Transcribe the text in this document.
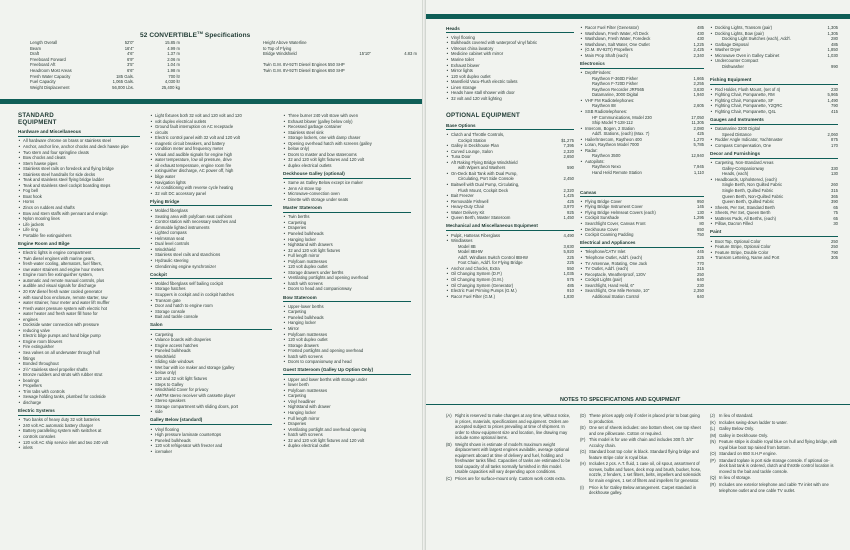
52 CONVERTIBLE™ Specifications
Length Overall	52'0"	15.85 m
Beam	16'4"	4.99 m
Draft	4'6"	1.37 m
Freeboard Forward	6'9"	2.06 m
Freeboard Aft	3'5"	1.04 m
Headroom Most Areas	6'6"	1.98 m
Fresh Water Capacity	185 Gals.	700 ltr
Fuel Capacity	1,065 Gals.	4,030 ltr
Weight Displacement	56,000 Lbs.	25,400 kg
Height Above Waterline
to Top of Flying
Bridge Windshield	15'10"	4.83 m
Twin G.M. 8V-92TI Diesel Engines 550 SHP
Twin G.M. 8V-92TI Diesel Engines 650 SHP
STANDARD
EQUIPMENT
Hardware and Miscellaneous
• All hardware chrome on brass or stainless steel
• Anchor, anchor line, anchor chocks and deck hawse pipe
• Two stern and four springline cleats
• Bow chocks and cleats
• Stern hawse pipes
• Stainless steel rails on foredeck and flying bridge
• Stainless steel handrails for side decks
• Teak and stainless steel flying bridge ladder
• Teak and stainless steel cockpit boarding steps
• Fog bell
• Boat hook
• Horns
• Zincs on rudders and shafts
• Bow and stern staffs with pennant and ensign
• Nylon mooring lines
• Life jackets
• Life ring
• Portable fire extinguishers
Engine Room and Bilge
• Electric lights in engine compartment
• Twin diesel engines with marine gears,
• fresh-water cooling, alternators, fuel filters,
• raw water strainers and engine hour meters
• Engine room fire extinguisher system,
• automatic and remote manual controls, plus
• audible and visual signals for discharge
• 20 KW diesel fresh water cooled generator
• with sound box enclosure, remote starter, raw
• water strainer, hour meter and water lift muffler
• Fresh water pressure system with electric hot
• water heater and fresh water fill hose for
• engines
• Dockside water connection with pressure
• reducing valve
• Electric bilge pumps and hand bilge pump
• Engine room blowers
• Fire extinguisher
• Sea valves on all underwater through hull
• fittings
• Bonded throughout
• 2½" stainless steel propeller shafts
• Bronze rudders and struts with rubber strut
• bearings
• Propellers
• Trim tabs with controls
• Sewage holding tanks, plumbed for cockside
• discharge
Electric Systems
• Two banks of heavy duty 32 volt batteries
• 240 volt AC automatic battery charger
• Battery paralleling system with switches at
• controls consoles
• 120 volt AC ship service inlet and two 240 volt
• inlets
• Light fixtures both 32 volt and 120 volt and 120
• volt duplex electrical outlets
• Ground fault interruption on AC receptacle
• circuits
• Electric control panel with 32 volt and 120 volt
• magnetic circuit breakers, and battery
• condition meter and frequency meter
• Visual and audible signals for engine high
• water temperature, low oil pressure, drive
• oil exhaust temperature, engine room fire
• extinguisher discharge, AC power off, high
• bilge water
• Navigation lights
• Air conditioning with reverse cycle heating
• 32 volt DC accessory panel
Flying Bridge
• Molded fiberglass
• Seating area with polyfoam seat cushions
• Control station with necessary switches and
• dimmable lighted instruments
• Lighted compass
• Helmsman seat
• Dual level controls
• Windshield
• Stainless steel rails and stanchions
• Hydraulic steering
• Glendinning engine synchronizer
Cockpit
• Molded fiberglass self bailing cockpit
• Storage hatches
• Scuppers in cockpit and in cockpit hatches
• Transom gate
• Door and hatch to engine room
• Storage console
• Bait and tackle console
Salon
• Carpeting
• Valance boards with draperies
• Engine access hatches
• Paneled bulkheads
• Windshield
• Sliding side windows
• Wet bar with ice maker and storage (galley
• below only)
• 120 and 32 volt light fixtures
• Steps to Galley
• Windshield Cover for privacy
• AM/FM stereo receiver with cassette player
• Stereo speakers
• Storage compartment with sliding doors, port
• side
Galley Below (standard)
• Vinyl flooring
• High pressure laminate countertops
• Paneled bulkheads
• 120 volt refrigerator with freezer and
• icemaker
• Three burner 240 volt stove with oven
• Exhaust blower (galley below only)
• Recessed garbage container
• Stainless steel sink
• Storage lockers, one with damp chaser
• Opening overhead hatch with screens (galley
• below only)
• Doors to master and bow staterooms
• 32 and 120 volt light fixtures and 120 volt
• duplex electrical outlets
Deckhouse Galley (optional)
• Same as Galley Below except ice maker
• Jenn Air stove top
• Microwave-convection oven
• Dinette with storage under seats
Master Stateroom
• Twin berths
• Carpeting
• Draperies
• Paneled bulkheads
• Hanging locker
• Nightstand with drawers
• 32 and 120 volt light fixtures
• Full length mirror
• Polyfoam mattresses
• 120 volt duplex outlet
• Storage drawers under berths
• Ventilating portlights and opening overhead
• hatch with screens
• Doors to head and companionway
Bow Stateroom
• Upper-lower berths
• Carpeting
• Paneled bulkheads
• Hanging locker
• Mirror
• Polyfoam mattresses
• 120 volt duplex outlet
• Storage drawers
• Frosted portlights and opening overhead
• hatch with screens
• Doors to companionway and head
Guest Stateroom (Galley Up Option Only)
• Upper and lower berths with storage under
• lower berth
• Polyfoam mattresses
• Carpeting
• Vinyl headliner
• Nightstand with drawer
• Hanging locker
• Full length mirror
• Draperies
• Ventilating portlight and overhead opening
• hatch with screens
• 32 and 120 volt light fixtures and 120 volt
• duplex electrical outlet
Heads
• Vinyl flooring
• Bulkheads covered with waterproof vinyl fabric
• Vitreous china lavatory
• Medicine cabinet with mirror
• Marine toilet
• Exhaust blower
• Mirror lights
• 120 volt duplex outlet
• Mansfield Vacu-Flush electric toilets
• Linen storage
• Heads have stall shower with door
• 32 volt and 120 volt lighting
OPTIONAL EQUIPMENT
Base Options
• Clutch and Throttle Controls,
Cockpit Station	$1,275
• Galley in Deckhouse Plan	7,395
• Curved Lounge, Salon	2,320
• Tuna Door	2,650
• Aft Raking Flying Bridge Windshield
with Wipers and Washers	590
• On-Deck Bait Tank with Dual Pump,
Circulating, Port Side Console	2,450
• Baitwell with Dual Pump, Circulating,
Flush Mount, Cockpit Deck	2,320
• Bait Freezer	1,425
• Removable Fishwell	425
• Heavy-Duty Chair	3,970
• Water Delivery Kit	925
• Queen Berth, Master Stateroom	1,450
Mechanical and Miscellaneous Equipment
• Pulpit, Hatteras Fiberglass	4,490
• Windlasses
Model 8B	3,630
Model 8BHW	5,920
Add'l. Windlass Switch Control 8BHW	225
Foot Chain, Add'l. for Flying Bridge	225
• Anchor and Chocks, Extra	550
• Oil Changing System (D.P.)	1,035
• Oil Changing System (G.M.)	575
• Oil Changing System (Generator)	485
• Electric Fuel Priming Pumps (G.M.)	910
• Racor Fuel Filter (G.M.)	1,830
• Racor Fuel Filter (Generator)	485
• Washdown, Fresh Water, Aft Deck	430
• Washdown, Fresh Water, Foredeck	430
• Washdown, Salt Water, One Outlet	1,225
• (G.M. 8V-92TI) Propellers	2,425
• Main Prop Shaft (each)	2,340
Electronics
• DepthFinders:
Raytheon F-360D Fisher	1,665
Raytheon F-720D Fisher	2,255
Raytheon Recorder JRF565	3,630
Datamarine, 3000 Digital	1,940
• VHF FM Radiotelephones:
Raytheon 88	2,605
• SSB Radiotelephones:
HF Communications, Model 230	17,050
Ship Model T-128-112	11,305
• Intercom, Bogen, 2 Station	2,080
Add'l. Stations, (each) (Max. 7)	425
• Hailer/Intercom, Raytheon 400	1,270
• Loran, Raytheon Model 7000	5,785
• Radar:
Raytheon 3500	12,940
• Autopilots:
Raytheon Nexo	7,945
Hand Held Remote Station	1,110
Canvas
• Flying Bridge Cover	950
• Flying Bridge Instrument Cover	145
• Flying Bridge Helmseat Covers (each)	130
• Cockpit Sunshade	1,295
• Searchlight Cover, Canvas Front	80
• Deckhouse Cover	650
• Cockpit Coaming Padding	750
Electrical and Appliances
• Telephone/CATV Inlet	445
• Telephone Outlet, Add'l. (each)	225
• TV Antennae, Rotating, One Jack	770
• TV Outlet, Add'l. (each)	315
• Receptacle, Weatherproof, 120V	250
• Cockpit Lights (pair)	640
• Searchlight, Hand Held, 6"	230
• Searchlight, One Mile Remote, 10"	2,350
Additional Station Control	640
• Docking Lights, Transom (pair)	1,305
• Docking Lights, Bow (pair)	1,305
Docking Light Switches (each), Add'l.	280
• Garbage Disposal	485
• Washer Dryer	1,850
• Microwave Oven in Galley Cabinet	1,030
• Undercounter Compact
Dishwasher	990
Fishing Equipment
• Rod Holder, Flush Mount, (set of 4)	230
• Fighting Chair, Pompanette, RM	5,965
• Fighting Chair, Pompanette, SF	1,490
• Fighting Chair, Pompanette, Y2QRC	790
• Fighting Chair, Pompanette, Q4L	415
Gauges and Instruments
• Datamarine 3200 Digital
Speed Distance	2,060
• Rudder Angle Indicator, Yachtmaster	875
• Compass Compensation, One	170
Decor and Furnishings
• Carpeting, Non-Standard Areas
Galley-Companionway	330
Heads, (each)	130
• Headboards, Upholstered, (each)
Single Berth, Non Quilted Fabric	260
Single Berth, Quilted Fabric	315
Queen Berth, Non-Quilted Fabric	365
Queen Berth, Quilted Fabric	390
• Sheets, Per Set, Standard Berth	65
• Sheets, Per Set, Queen Berth	75
• Mattress Pads, All Berths, (each)	65
• Pillow, Dacron Filled	30
Paint
• Boot Top, Optional Color	250
• Feature Stripe, Optional Color	250
• Feature Stripe, Double Color	790
• Transom Lettering, Name and Port	305
NOTES TO SPECIFICATIONS AND EQUIPMENT
(A) Right is reserved to make changes at any time, without notice, in prices, materials, specifications and equipment. Orders are accepted subject to prices prevailing at time of shipment. In order to show equipment size and location, line drawing may include some optional items.
(B) Weight shown is estimate of model's maximum weight displacement with largest engines available, average optional equipment aboard at time of delivery and fuel, holding and freshwater tanks filled. Capacities of tanks are estimated to be total capacity of all tanks normally furnished in this model. Usable capacities will vary depending upon conditions.
(C) Prices are for surface-mount only. Custom work costs extra.
(D) These prices apply only if order is placed prior to boat going to production.
(E) One set of sheets includes: one bottom sheet, one top sheet and one pillowcase. Cotton or required.
(F) This model is for use with chain and includes 300 ft. 3/8" Acculoy chain.
(G) Standard boot top color is black. Standard flying bridge and feature stripe color is royal blue.
(H) Includes 2 pcs. A.T. fluid, 1 case oil, oil spout, assortment of screws, bulbs and fuses, deck mop and brush, bucket, hose, nozzle, 2 fenders, 1 set filters, belts, impellers and solenoids for main engines, 1 set of filters and impellers for generator.
(I)	Price is for Galley Below arrangement. Carpet standard in deckhouse galley.
(J) In lieu of standard.
(K) Includes swing-down ladder to water.
(L) Galley Below Only.
(M) Galley in Deckhouse Only.
(N) Feature stripe is double royal blue on hull and flying bridge, with royal blue boot top raised from bottom.
(O) Standard on 650 S.H.P engine.
(P) Standard toplate is port side storage console. If optional on-deck bait tank is ordered, clutch and throttle control location is moved to the bait and tackle console.
(Q) In lieu of storage.
(R) Includes one exterior telephone and cable TV inlet with one telephone outlet and one cable TV outlet.
